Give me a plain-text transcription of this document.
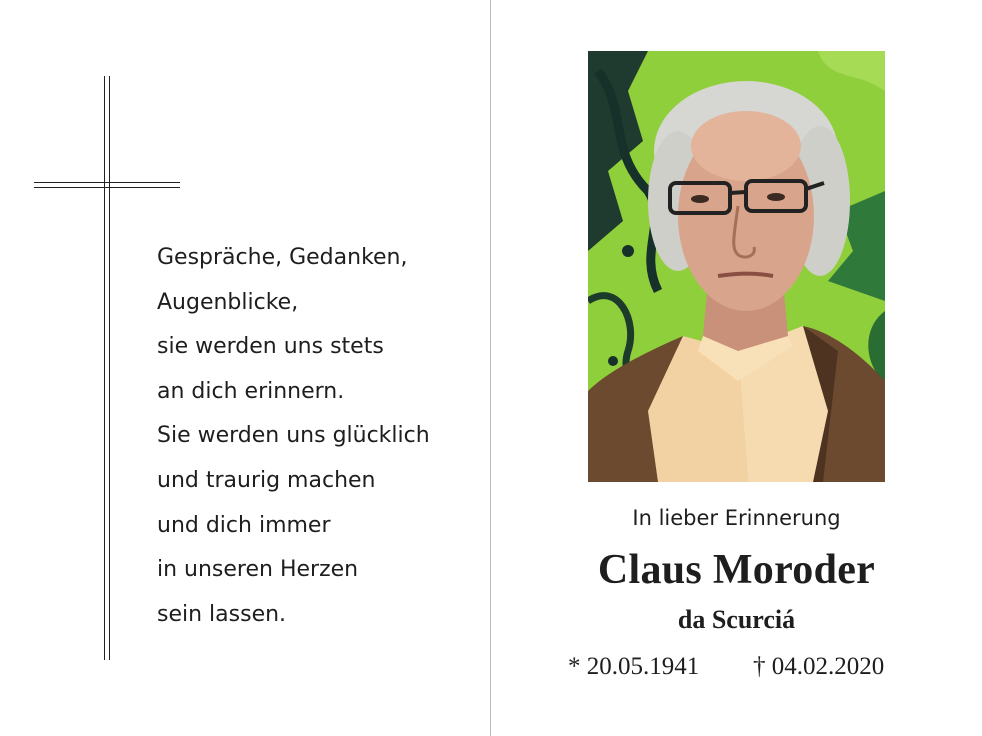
Gespräche, Gedanken,
Augenblicke,
sie werden uns stets
an dich erinnern.
Sie werden uns glücklich
und traurig machen
und dich immer
in unseren Herzen
sein lassen.
In lieber Erinnerung
Claus Moroder
da Scurciá
* 20.05.1941 † 04.02.2020
